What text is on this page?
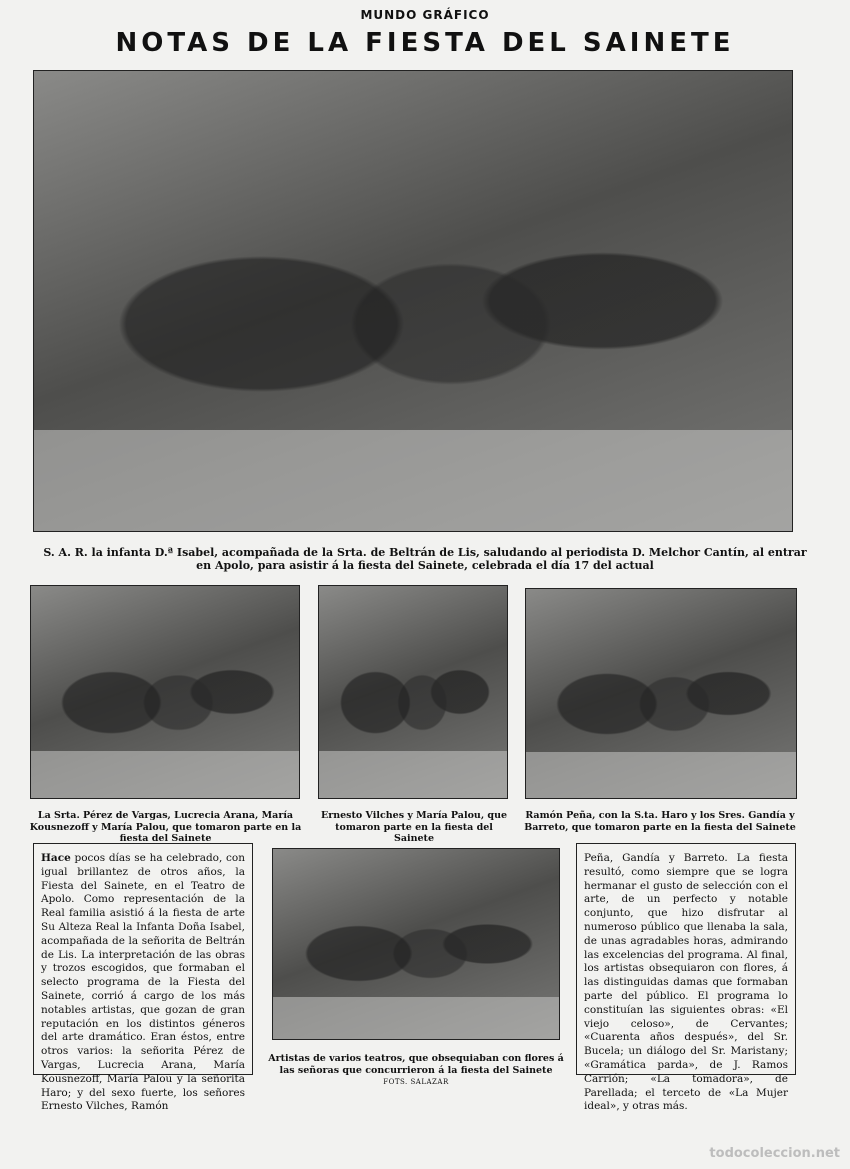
MUNDO GRÁFICO
NOTAS DE LA FIESTA DEL SAINETE
S. A. R. la infanta D.ª Isabel, acompañada de la Srta. de Beltrán de Lis, saludando al periodista D. Melchor Cantín, al entrar
en Apolo, para asistir á la fiesta del Sainete, celebrada el día 17 del actual
La Srta. Pérez de Vargas, Lucrecia Arana, María Kousnezoff y María Palou, que tomaron parte en la fiesta del Sainete
Ernesto Vilches y María Palou, que tomaron parte en la fiesta del Sainete
Ramón Peña, con la S.ta. Haro y los Sres. Gandía y Barreto, que tomaron parte en la fiesta del Sainete
Hace pocos días se ha celebrado, con igual brillantez de otros años, la Fiesta del Sainete, en el Teatro de Apolo. Como representación de la Real familia asistió á la fiesta de arte Su Alteza Real la Infanta Doña Isabel, acompañada de la señorita de Beltrán de Lis. La interpretación de las obras y trozos escogidos, que formaban el selecto programa de la Fiesta del Sainete, corrió á cargo de los más notables artistas, que gozan de gran reputación en los distintos géneros del arte dramático. Eran éstos, entre otros varios: la señorita Pérez de Vargas, Lucrecia Arana, María Kousnezoff, María Palou y la señorita Haro; y del sexo fuerte, los señores Ernesto Vilches, Ramón
Artistas de varios teatros, que obsequiaban con flores á las señoras que concurrieron á la fiesta del Sainete FOTS. SALAZAR
Peña, Gandía y Barreto. La fiesta resultó, como siempre que se logra hermanar el gusto de selección con el arte, de un perfecto y notable conjunto, que hizo disfrutar al numeroso público que llenaba la sala, de unas agradables horas, admirando las excelencias del programa. Al final, los artistas obsequiaron con flores, á las distinguidas damas que formaban parte del público. El programa lo constituían las siguientes obras: «El viejo celoso», de Cervantes; «Cuarenta años después», del Sr. Bucela; un diálogo del Sr. Maristany; «Gramática parda», de J. Ramos Carrión; «La tomadora», de Parellada; el terceto de «La Mujer ideal», y otras más.
todocoleccion.net
